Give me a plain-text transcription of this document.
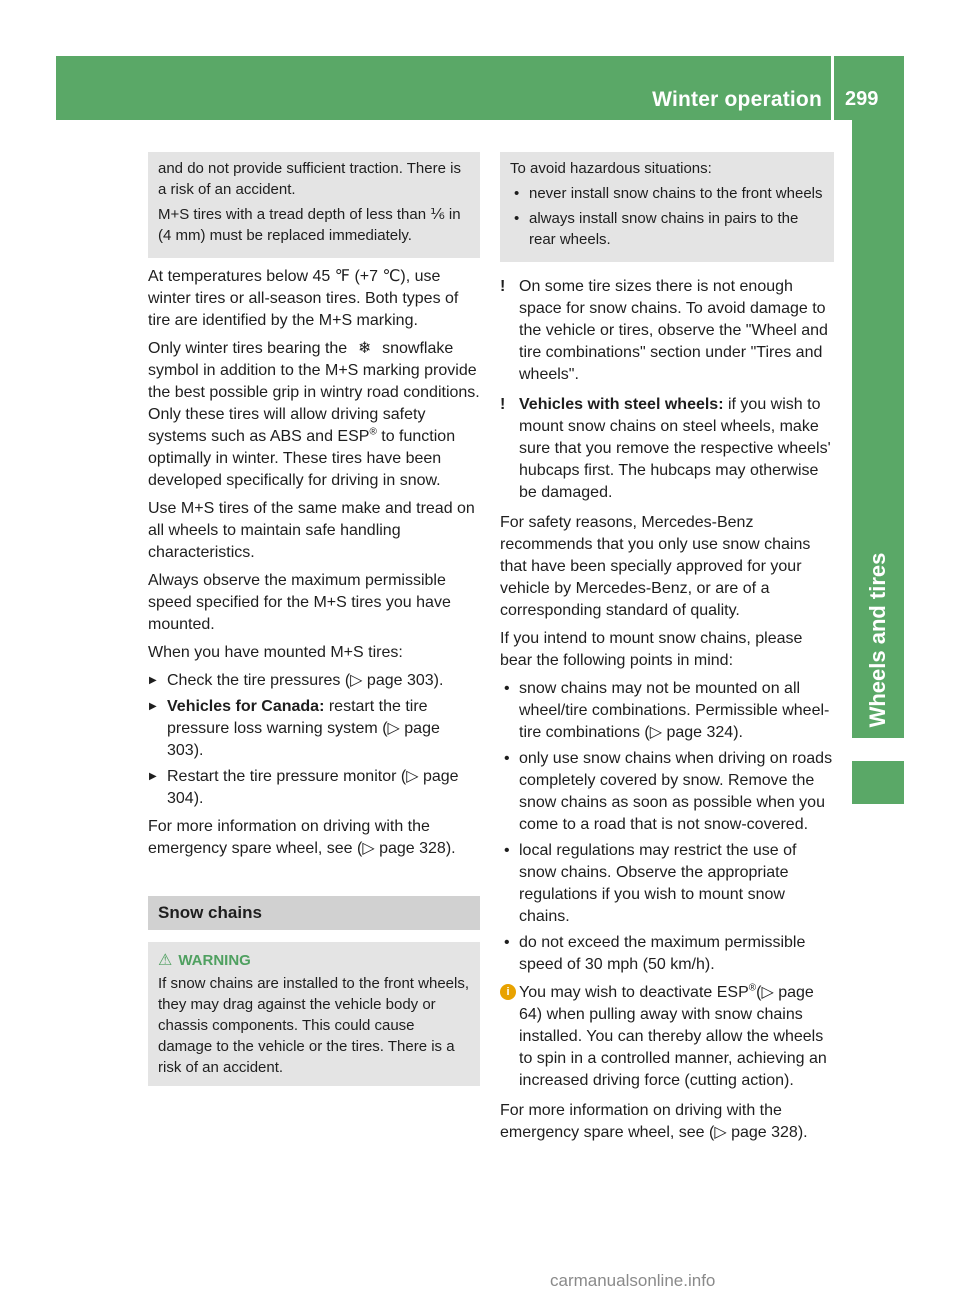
Winter operation 299
Wheels and tires

and do not provide sufficient traction. There is a risk of an accident.

M+S tires with a tread depth of less than ⅙ in (4 mm) must be replaced immediately.

At temperatures below 45 ℉ (+7 ℃), use winter tires or all-season tires. Both types of tire are identified by the M+S marking.

Only winter tires bearing the ❄ snowflake symbol in addition to the M+S marking provide the best possible grip in wintry road conditions. Only these tires will allow driving safety systems such as ABS and ESP® to function optimally in winter. These tires have been developed specifically for driving in snow.

Use M+S tires of the same make and tread on all wheels to maintain safe handling characteristics.

Always observe the maximum permissible speed specified for the M+S tires you have mounted.

When you have mounted M+S tires:

▶ Check the tire pressures (▷ page 303).
▶ Vehicles for Canada: restart the tire pressure loss warning system (▷ page 303).
▶ Restart the tire pressure monitor (▷ page 304).

For more information on driving with the emergency spare wheel, see (▷ page 328).

Snow chains
⚠ WARNING
If snow chains are installed to the front wheels, they may drag against the vehicle body or chassis components. This could cause damage to the vehicle or the tires. There is a risk of an accident.

To avoid hazardous situations:

• never install snow chains to the front wheels
• always install snow chains in pairs to the rear wheels.
! On some tire sizes there is not enough space for snow chains. To avoid damage to the vehicle or tires, observe the "Wheel and tire combinations" section under "Tires and wheels".
! Vehicles with steel wheels: if you wish to mount snow chains on steel wheels, make sure that you remove the respective wheels' hubcaps first. The hubcaps may otherwise be damaged.

For safety reasons, Mercedes-Benz recommends that you only use snow chains that have been specially approved for your vehicle by Mercedes-Benz, or are of a corresponding standard of quality.

If you intend to mount snow chains, please bear the following points in mind:

• snow chains may not be mounted on all wheel/tire combinations. Permissible wheel-tire combinations (▷ page 324).
• only use snow chains when driving on roads completely covered by snow. Remove the snow chains as soon as possible when you come to a road that is not snow-covered.
• local regulations may restrict the use of snow chains. Observe the appropriate regulations if you wish to mount snow chains.
• do not exceed the maximum permissible speed of 30 mph (50 km/h).
i You may wish to deactivate ESP®(▷ page 64) when pulling away with snow chains installed. You can thereby allow the wheels to spin in a controlled manner, achieving an increased driving force (cutting action).

For more information on driving with the emergency spare wheel, see (▷ page 328).

carmanualsonline.info
